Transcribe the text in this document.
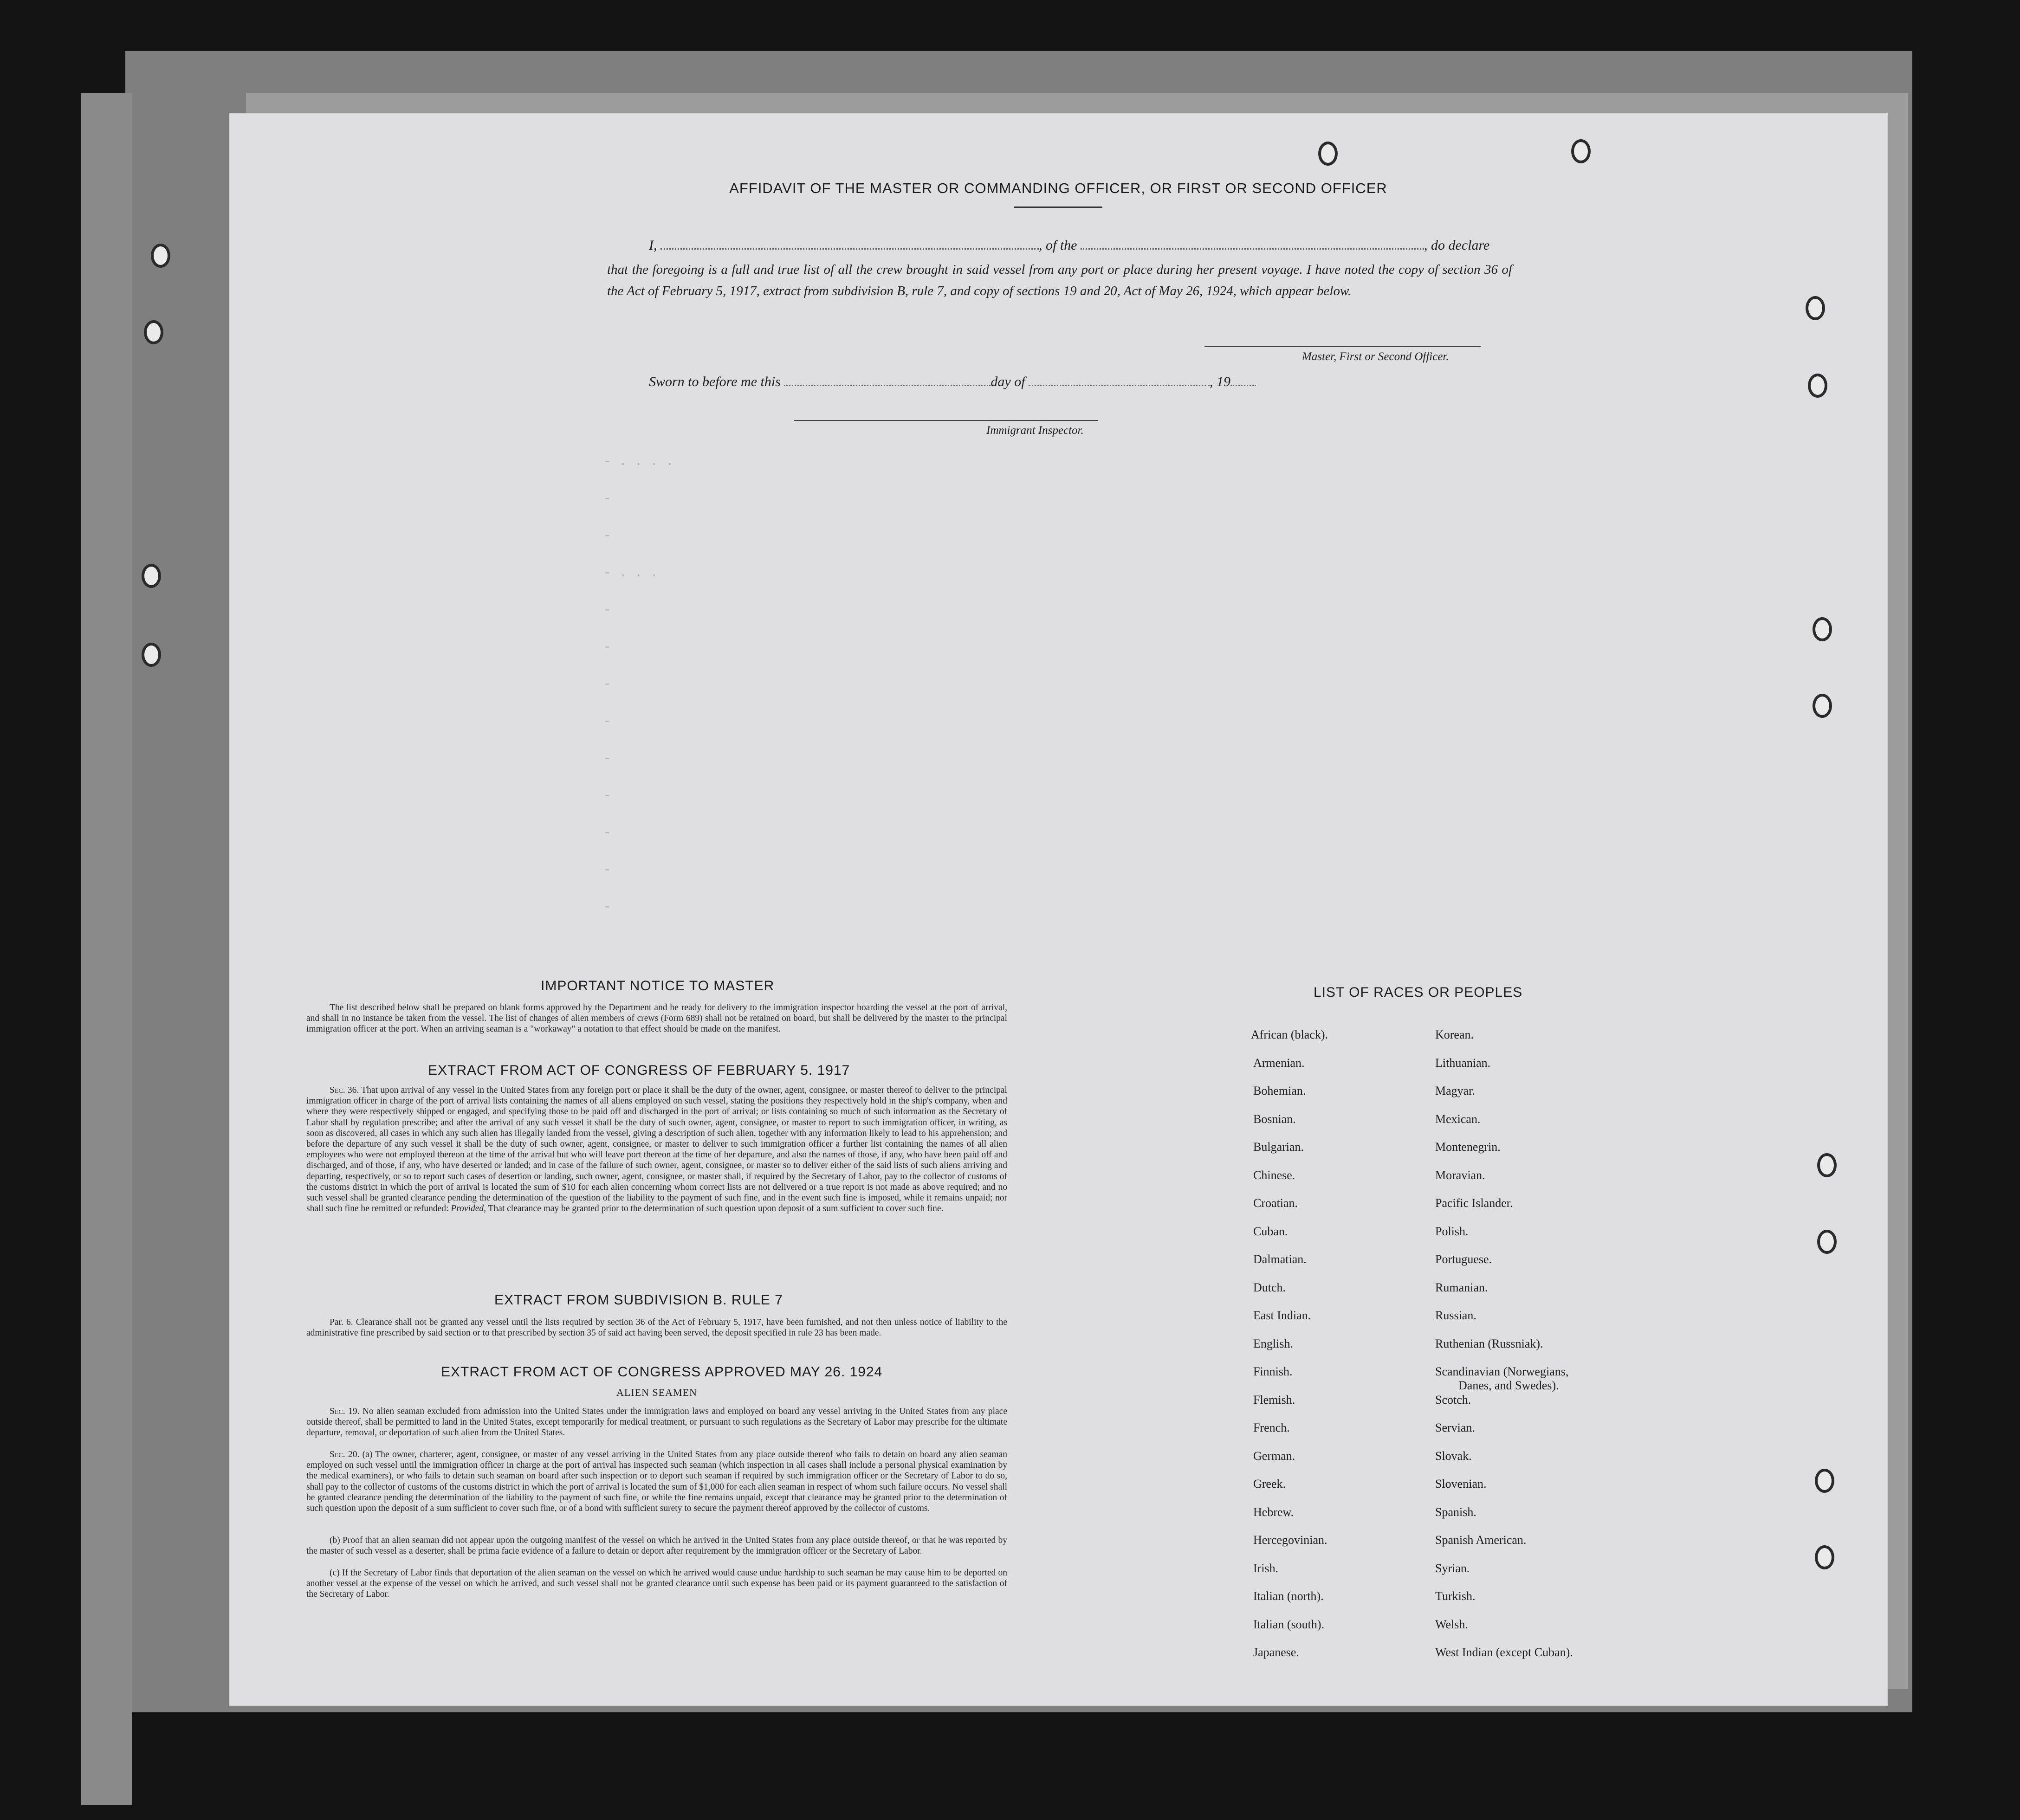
AFFIDAVIT OF THE MASTER OR COMMANDING OFFICER, OR FIRST OR SECOND OFFICER
I,	, of the	, do declare
that the foregoing is a full and true list of all the crew brought in said vessel from any port or place during her present voyage. I have noted the copy of section 36 of the Act of February 5, 1917, extract from subdivision B, rule 7, and copy of sections 19 and 20, Act of May 26, 1924, which appear below.
Master, First or Second Officer.
Sworn to before me this	day of	, 19
Immigrant Inspector.
- . . . .
-
-
- . . .
-
-
-
-
-
-
-
-
-
IMPORTANT NOTICE TO MASTER
The list described below shall be prepared on blank forms approved by the Department and be ready for delivery to the immigration inspector boarding the vessel at the port of arrival, and shall in no instance be taken from the vessel. The list of changes of alien members of crews (Form 689) shall not be retained on board, but shall be delivered by the master to the principal immigration officer at the port. When an arriving seaman is a "workaway" a notation to that effect should be made on the manifest.
EXTRACT FROM ACT OF CONGRESS OF FEBRUARY 5. 1917
Sec. 36. That upon arrival of any vessel in the United States from any foreign port or place it shall be the duty of the owner, agent, consignee, or master thereof to deliver to the principal immigration officer in charge of the port of arrival lists containing the names of all aliens employed on such vessel, stating the positions they respectively hold in the ship's company, when and where they were respectively shipped or engaged, and specifying those to be paid off and discharged in the port of arrival; or lists containing so much of such information as the Secretary of Labor shall by regulation prescribe; and after the arrival of any such vessel it shall be the duty of such owner, agent, consignee, or master to report to such immigration officer, in writing, as soon as discovered, all cases in which any such alien has illegally landed from the vessel, giving a description of such alien, together with any information likely to lead to his apprehension; and before the departure of any such vessel it shall be the duty of such owner, agent, consignee, or master to deliver to such immigration officer a further list containing the names of all alien employees who were not employed thereon at the time of the arrival but who will leave port thereon at the time of her departure, and also the names of those, if any, who have been paid off and discharged, and of those, if any, who have deserted or landed; and in case of the failure of such owner, agent, consignee, or master so to deliver either of the said lists of such aliens arriving and departing, respectively, or so to report such cases of desertion or landing, such owner, agent, consignee, or master shall, if required by the Secretary of Labor, pay to the collector of customs of the customs district in which the port of arrival is located the sum of $10 for each alien concerning whom correct lists are not delivered or a true report is not made as above required; and no such vessel shall be granted clearance pending the determination of the question of the liability to the payment of such fine, and in the event such fine is imposed, while it remains unpaid; nor shall such fine be remitted or refunded: Provided, That clearance may be granted prior to the determination of such question upon deposit of a sum sufficient to cover such fine.
EXTRACT FROM SUBDIVISION B. RULE 7
Par. 6. Clearance shall not be granted any vessel until the lists required by section 36 of the Act of February 5, 1917, have been furnished, and not then unless notice of liability to the administrative fine prescribed by said section or to that prescribed by section 35 of said act having been served, the deposit specified in rule 23 has been made.
EXTRACT FROM ACT OF CONGRESS APPROVED MAY 26. 1924
ALIEN SEAMEN
Sec. 19. No alien seaman excluded from admission into the United States under the immigration laws and employed on board any vessel arriving in the United States from any place outside thereof, shall be permitted to land in the United States, except temporarily for medical treatment, or pursuant to such regulations as the Secretary of Labor may prescribe for the ultimate departure, removal, or deportation of such alien from the United States.
Sec. 20. (a) The owner, charterer, agent, consignee, or master of any vessel arriving in the United States from any place outside thereof who fails to detain on board any alien seaman employed on such vessel until the immigration officer in charge at the port of arrival has inspected such seaman (which inspection in all cases shall include a personal physical examination by the medical examiners), or who fails to detain such seaman on board after such inspection or to deport such seaman if required by such immigration officer or the Secretary of Labor to do so, shall pay to the collector of customs of the customs district in which the port of arrival is located the sum of $1,000 for each alien seaman in respect of whom such failure occurs. No vessel shall be granted clearance pending the determination of the liability to the payment of such fine, or while the fine remains unpaid, except that clearance may be granted prior to the determination of such question upon the deposit of a sum sufficient to cover such fine, or of a bond with sufficient surety to secure the payment thereof approved by the collector of customs.
(b) Proof that an alien seaman did not appear upon the outgoing manifest of the vessel on which he arrived in the United States from any place outside thereof, or that he was reported by the master of such vessel as a deserter, shall be prima facie evidence of a failure to detain or deport after requirement by the immigration officer or the Secretary of Labor.
(c) If the Secretary of Labor finds that deportation of the alien seaman on the vessel on which he arrived would cause undue hardship to such seaman he may cause him to be deported on another vessel at the expense of the vessel on which he arrived, and such vessel shall not be granted clearance until such expense has been paid or its payment guaranteed to the satisfaction of the Secretary of Labor.
LIST OF RACES OR PEOPLES
African (black).
Armenian.
Bohemian.
Bosnian.
Bulgarian.
Chinese.
Croatian.
Cuban.
Dalmatian.
Dutch.
East Indian.
English.
Finnish.
Flemish.
French.
German.
Greek.
Hebrew.
Hercegovinian.
Irish.
Italian (north).
Italian (south).
Japanese.
Korean.
Lithuanian.
Magyar.
Mexican.
Montenegrin.
Moravian.
Pacific Islander.
Polish.
Portuguese.
Rumanian.
Russian.
Ruthenian (Russniak).
Scandinavian (Norwegians,
Danes, and Swedes).
Scotch.
Servian.
Slovak.
Slovenian.
Spanish.
Spanish American.
Syrian.
Turkish.
Welsh.
West Indian (except Cuban).
